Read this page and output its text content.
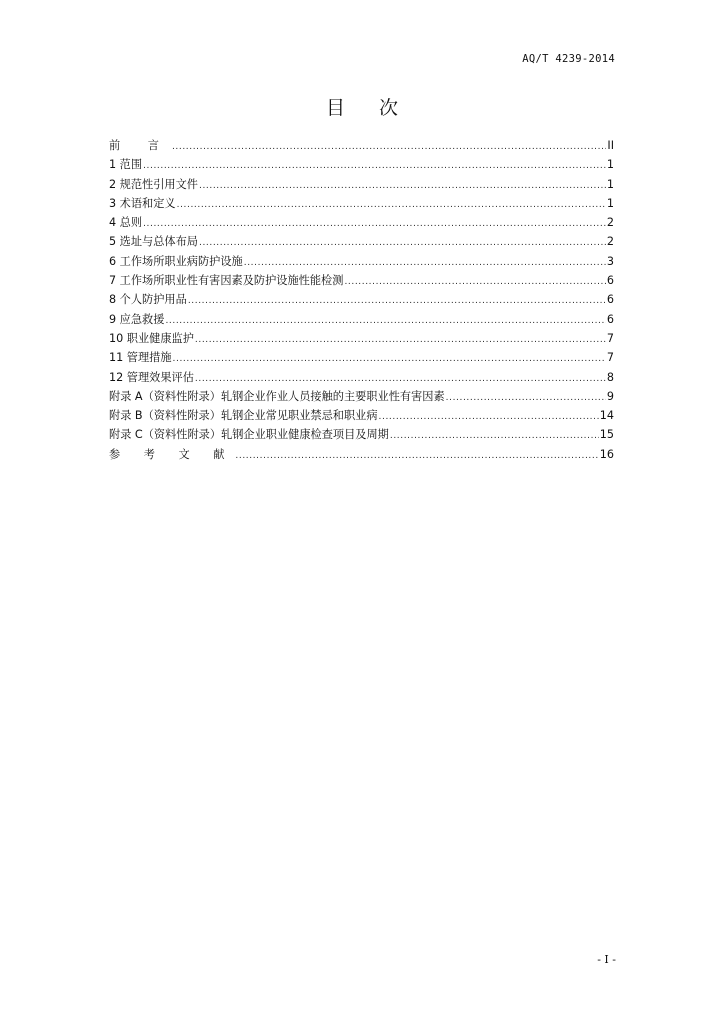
AQ/T 4239-2014
目 次
前 言 .....	II
1 范围 .....	1
2 规范性引用文件 .....	1
3 术语和定义 .....	1
4 总则 .....	2
5 选址与总体布局 .....	2
6 工作场所职业病防护设施 .....	3
7 工作场所职业性有害因素及防护设施性能检测 .....	6
8 个人防护用品 .....	6
9 应急救援 .....	6
10 职业健康监护 .....	7
11 管理措施 .....	7
12 管理效果评估 .....	8
附录 A（资料性附录）轧钢企业作业人员接触的主要职业性有害因素 .....	9
附录 B（资料性附录）轧钢企业常见职业禁忌和职业病 .....	14
附录 C（资料性附录）轧钢企业职业健康检查项目及周期 .....	15
参 考 文 献 .....	16
- I -
